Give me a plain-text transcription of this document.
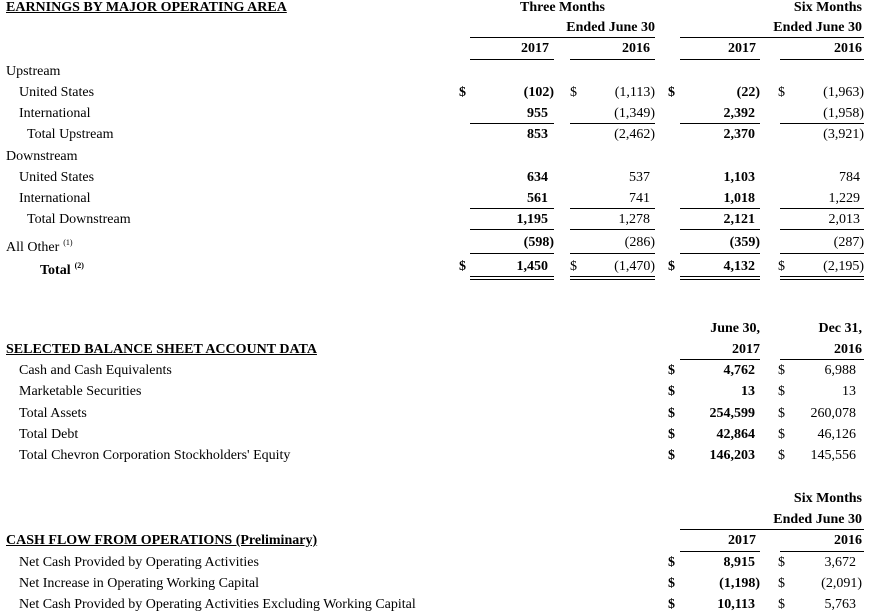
EARNINGS BY MAJOR OPERATING AREA	Three Months
Ended June 30
Six Months
Ended June 30
2017	2016	2017	2016
Upstream
United States	$	(102) $	(1,113) $	(22) $	(1,963)
International	955	(1,349)	2,392	(1,958)
Total Upstream	853	(2,462)	2,370	(3,921)
Downstream
United States	634	537	1,103	784
International	561	741	1,018	1,229
Total Downstream	1,195	1,278	2,121	2,013
All Other $^{(1)}$	(598)	(286)	(359)	(287)
Total $^{(2)}$	$	1,450 $	(1,470) $	4,132 $	(2,195)
June 30,
2017
Dec 31,
2016
SELECTED BALANCE SHEET ACCOUNT DATA
Cash and Cash Equivalents	$	4,762 $	6,988
Marketable Securities	$	13 $	13
Total Assets	$	254,599 $	260,078
Total Debt	$	42,864 $	46,126
Total Chevron Corporation Stockholders' Equity	$	146,203 $	145,556
Six Months
Ended June 30
2017	2016
CASH FLOW FROM OPERATIONS (Preliminary)
Net Cash Provided by Operating Activities	$	8,915 $	3,672
Net Increase in Operating Working Capital	$	(1,198) $	(2,091)
Net Cash Provided by Operating Activities Excluding Working Capital	$	10,113 $	5,763
